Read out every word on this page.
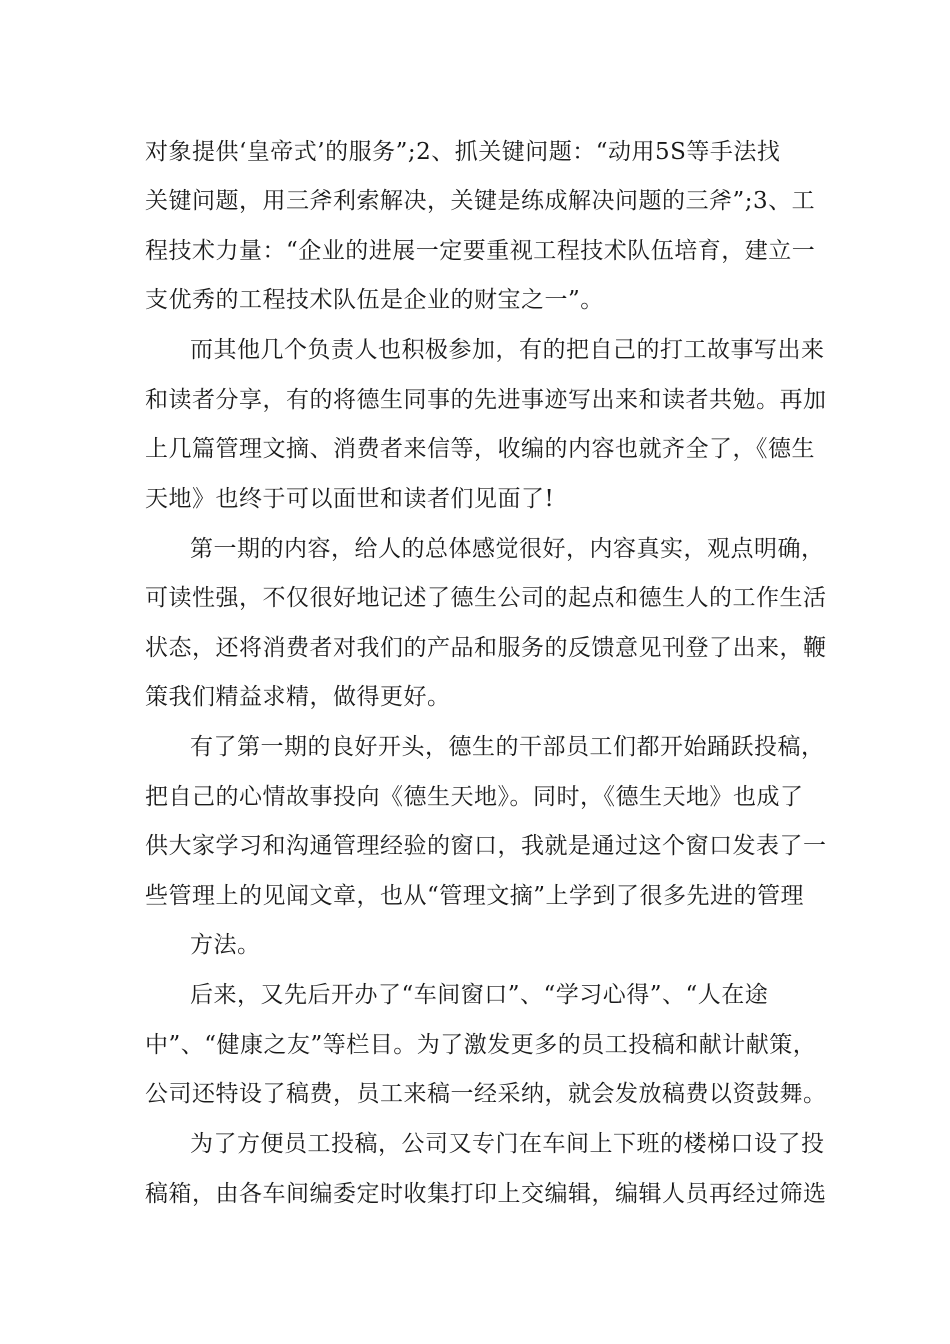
对象提供‘皇帝式’的服务”;2、抓关键问题：“动用5S等手法找
关键问题，用三斧利索解决，关键是练成解决问题的三斧”;3、工
程技术力量：“企业的进展一定要重视工程技术队伍培育，建立一
支优秀的工程技术队伍是企业的财宝之一”。
而其他几个负责人也积极参加，有的把自己的打工故事写出来
和读者分享，有的将德生同事的先进事迹写出来和读者共勉。再加
上几篇管理文摘、消费者来信等，收编的内容也就齐全了，《德生
天地》也终于可以面世和读者们见面了!
第一期的内容，给人的总体感觉很好，内容真实，观点明确，
可读性强，不仅很好地记述了德生公司的起点和德生人的工作生活
状态，还将消费者对我们的产品和服务的反馈意见刊登了出来，鞭
策我们精益求精，做得更好。
有了第一期的良好开头，德生的干部员工们都开始踊跃投稿，
把自己的心情故事投向《德生天地》。同时，《德生天地》也成了
供大家学习和沟通管理经验的窗口，我就是通过这个窗口发表了一
些管理上的见闻文章，也从“管理文摘”上学到了很多先进的管理
方法。
后来，又先后开办了“车间窗口”、“学习心得”、“人在途
中”、“健康之友”等栏目。为了激发更多的员工投稿和献计献策，
公司还特设了稿费，员工来稿一经采纳，就会发放稿费以资鼓舞。
为了方便员工投稿，公司又专门在车间上下班的楼梯口设了投
稿箱，由各车间编委定时收集打印上交编辑，编辑人员再经过筛选
